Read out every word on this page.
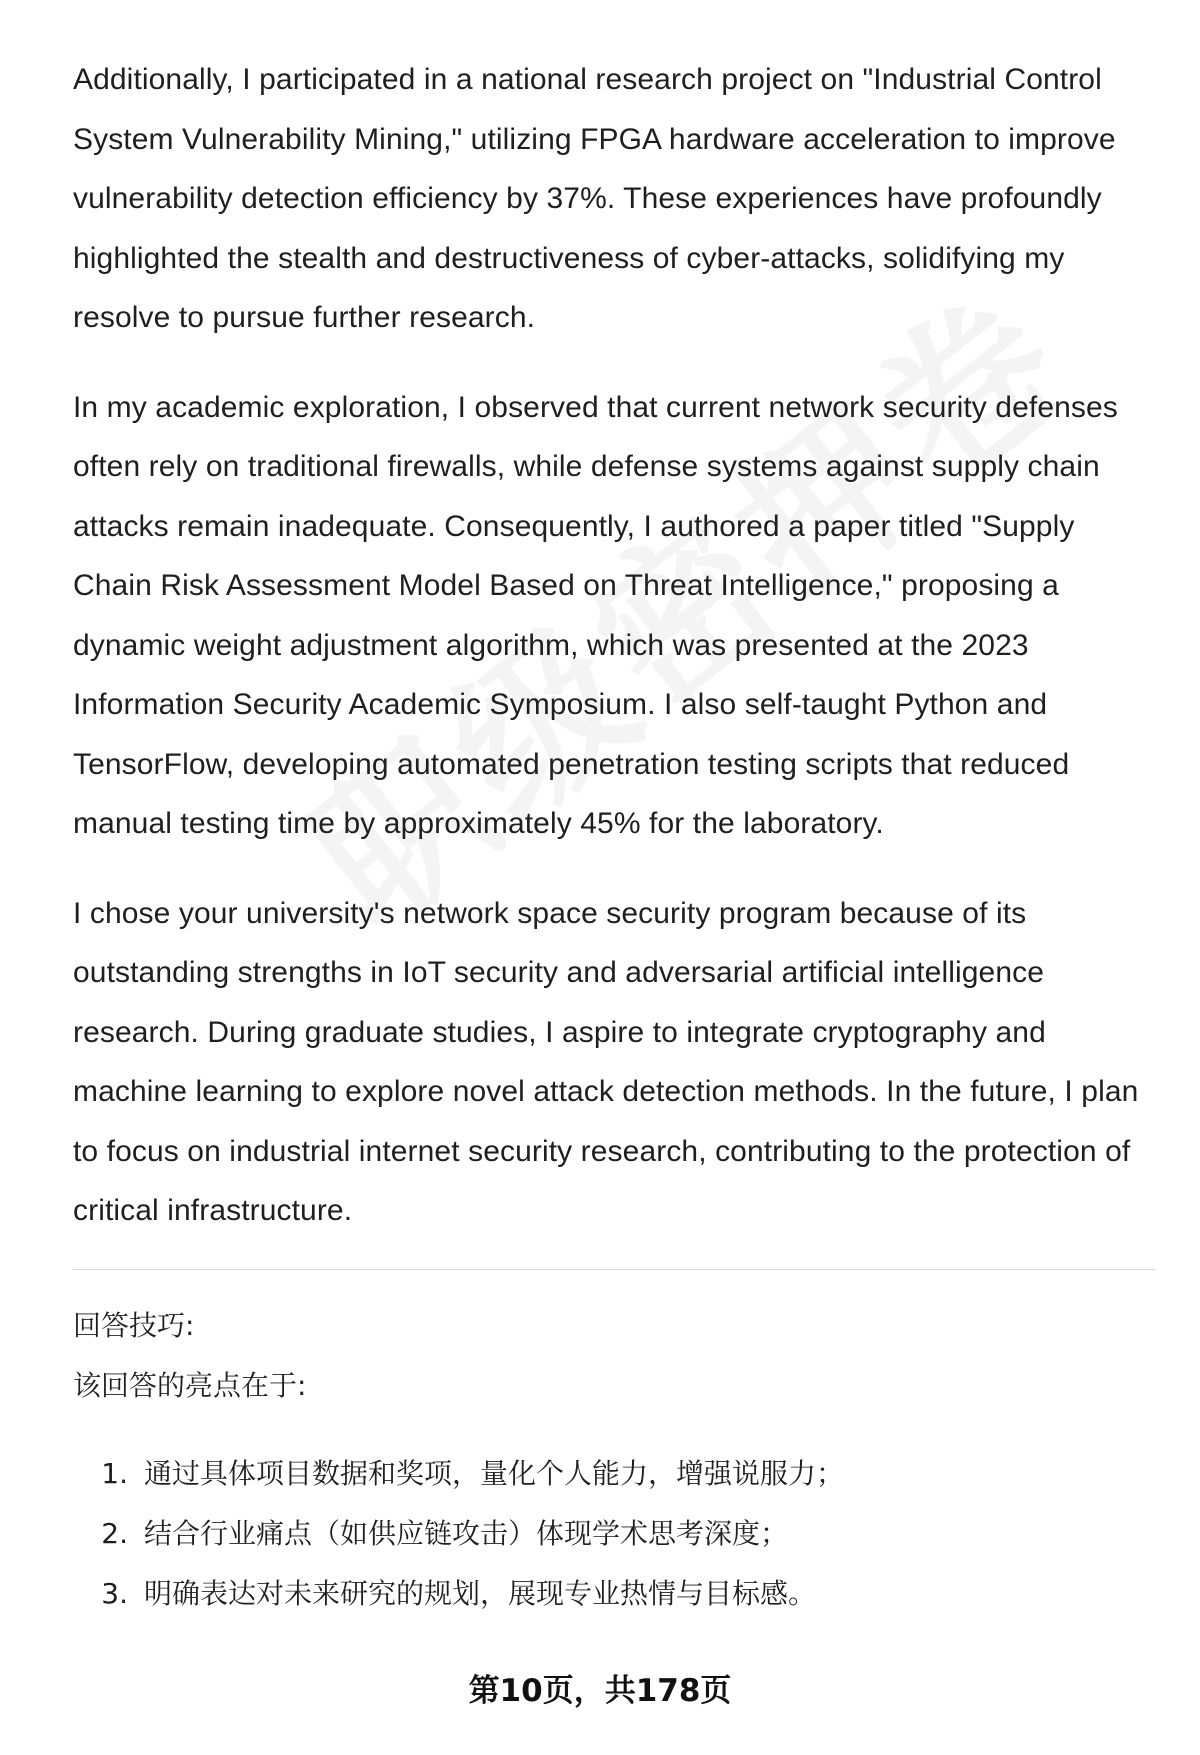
Additionally, I participated in a national research project on "Industrial Control System Vulnerability Mining," utilizing FPGA hardware acceleration to improve vulnerability detection efficiency by 37%. These experiences have profoundly highlighted the stealth and destructiveness of cyber-attacks, solidifying my resolve to pursue further research.

In my academic exploration, I observed that current network security defenses often rely on traditional firewalls, while defense systems against supply chain attacks remain inadequate. Consequently, I authored a paper titled "Supply Chain Risk Assessment Model Based on Threat Intelligence," proposing a dynamic weight adjustment algorithm, which was presented at the 2023 Information Security Academic Symposium. I also self-taught Python and TensorFlow, developing automated penetration testing scripts that reduced manual testing time by approximately 45% for the laboratory.

I chose your university's network space security program because of its outstanding strengths in IoT security and adversarial artificial intelligence research. During graduate studies, I aspire to integrate cryptography and machine learning to explore novel attack detection methods. In the future, I plan to focus on industrial internet security research, contributing to the protection of critical infrastructure.

回答技巧:

该回答的亮点在于:

1. 通过具体项目数据和奖项，量化个人能力，增强说服力；
2. 结合行业痛点（如供应链攻击）体现学术思考深度；
3. 明确表达对未来研究的规划，展现专业热情与目标感。
第10页，共178页
